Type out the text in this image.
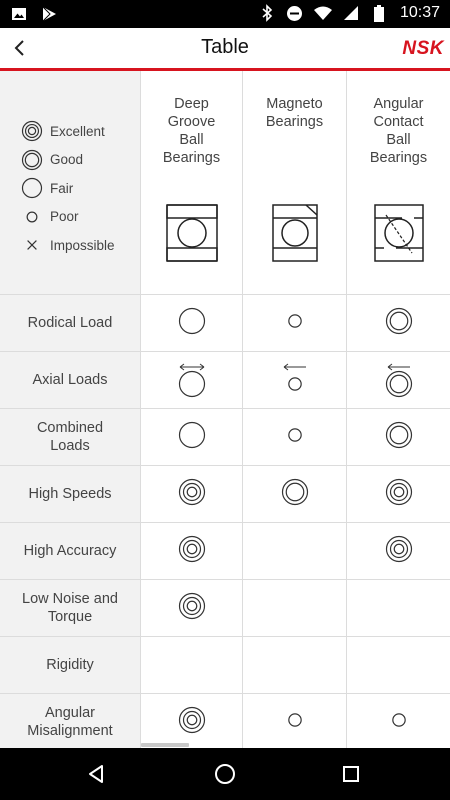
10:37
Table	NSK
Excellent
Good
Fair
Poor
Impossible
Deep
Groove
Ball
Bearings
Magneto
Bearings
Angular
Contact
Ball
Bearings
Rodical Load
Axial Loads
Combined
Loads
High Speeds
High Accuracy
Low Noise and
Torque
Rigidity
Angular
Misalignment
